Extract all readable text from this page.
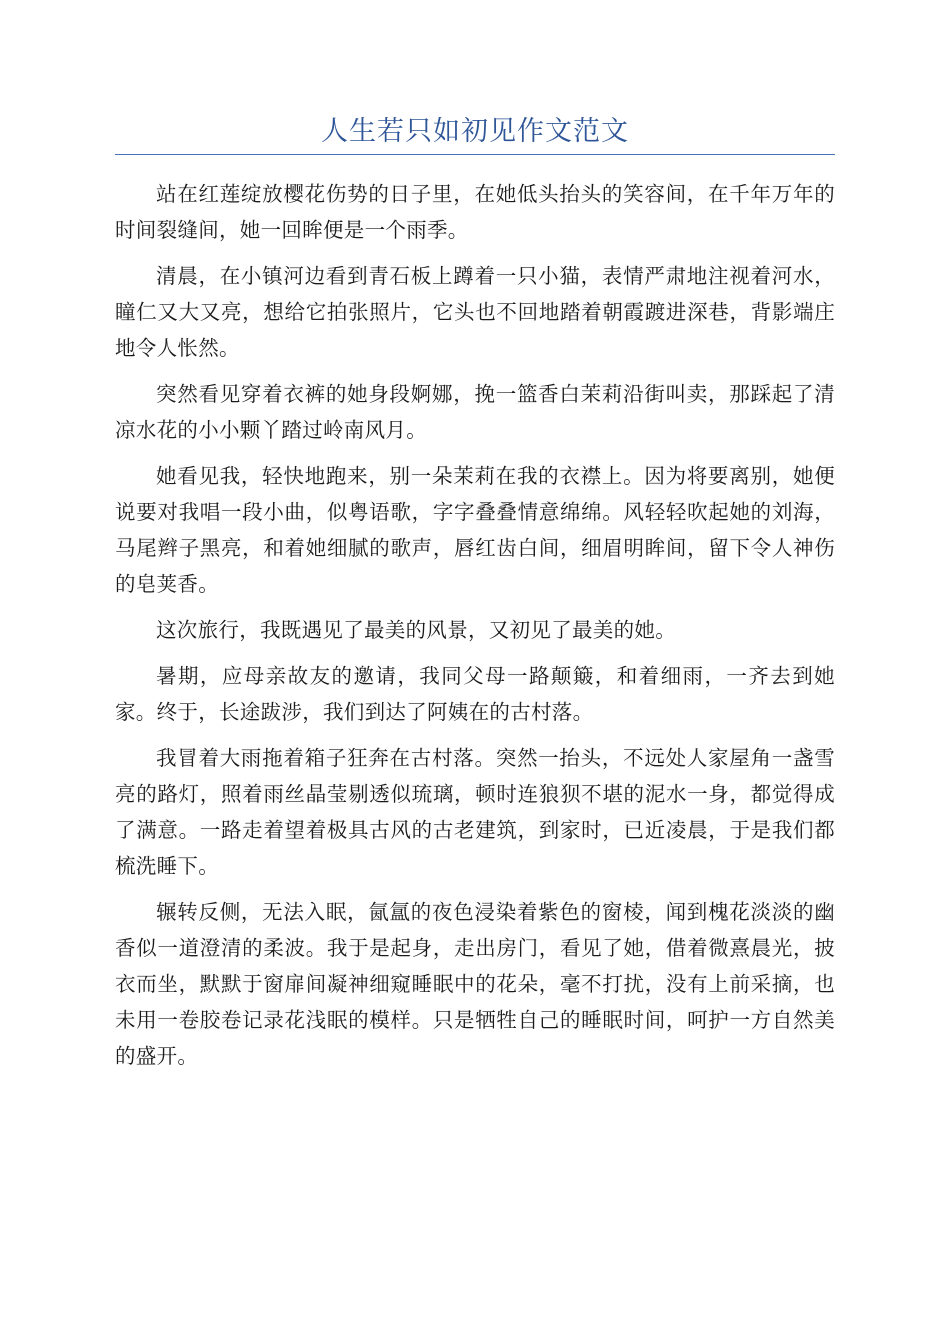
人生若只如初见作文范文

站在红莲绽放樱花伤势的日子里，在她低头抬头的笑容间，在千年万年的时间裂缝间，她一回眸便是一个雨季。

清晨，在小镇河边看到青石板上蹲着一只小猫，表情严肃地注视着河水，瞳仁又大又亮，想给它拍张照片，它头也不回地踏着朝霞踱进深巷，背影端庄地令人怅然。

突然看见穿着衣裤的她身段婀娜，挽一篮香白茉莉沿街叫卖，那踩起了清凉水花的小小颗丫踏过岭南风月。

她看见我，轻快地跑来，别一朵茉莉在我的衣襟上。因为将要离别，她便说要对我唱一段小曲，似粤语歌，字字叠叠情意绵绵。风轻轻吹起她的刘海，马尾辫子黑亮，和着她细腻的歌声，唇红齿白间，细眉明眸间，留下令人神伤的皂荚香。

这次旅行，我既遇见了最美的风景，又初见了最美的她。

暑期，应母亲故友的邀请，我同父母一路颠簸，和着细雨，一齐去到她家。终于，长途跋涉，我们到达了阿姨在的古村落。

我冒着大雨拖着箱子狂奔在古村落。突然一抬头，不远处人家屋角一盏雪亮的路灯，照着雨丝晶莹剔透似琉璃，顿时连狼狈不堪的泥水一身，都觉得成了满意。一路走着望着极具古风的古老建筑，到家时，已近凌晨，于是我们都梳洗睡下。

辗转反侧，无法入眠，氤氲的夜色浸染着紫色的窗棱，闻到槐花淡淡的幽香似一道澄清的柔波。我于是起身，走出房门，看见了她，借着微熹晨光，披衣而坐，默默于窗扉间凝神细窥睡眠中的花朵，毫不打扰，没有上前采摘，也未用一卷胶卷记录花浅眠的模样。只是牺牲自己的睡眠时间，呵护一方自然美的盛开。
